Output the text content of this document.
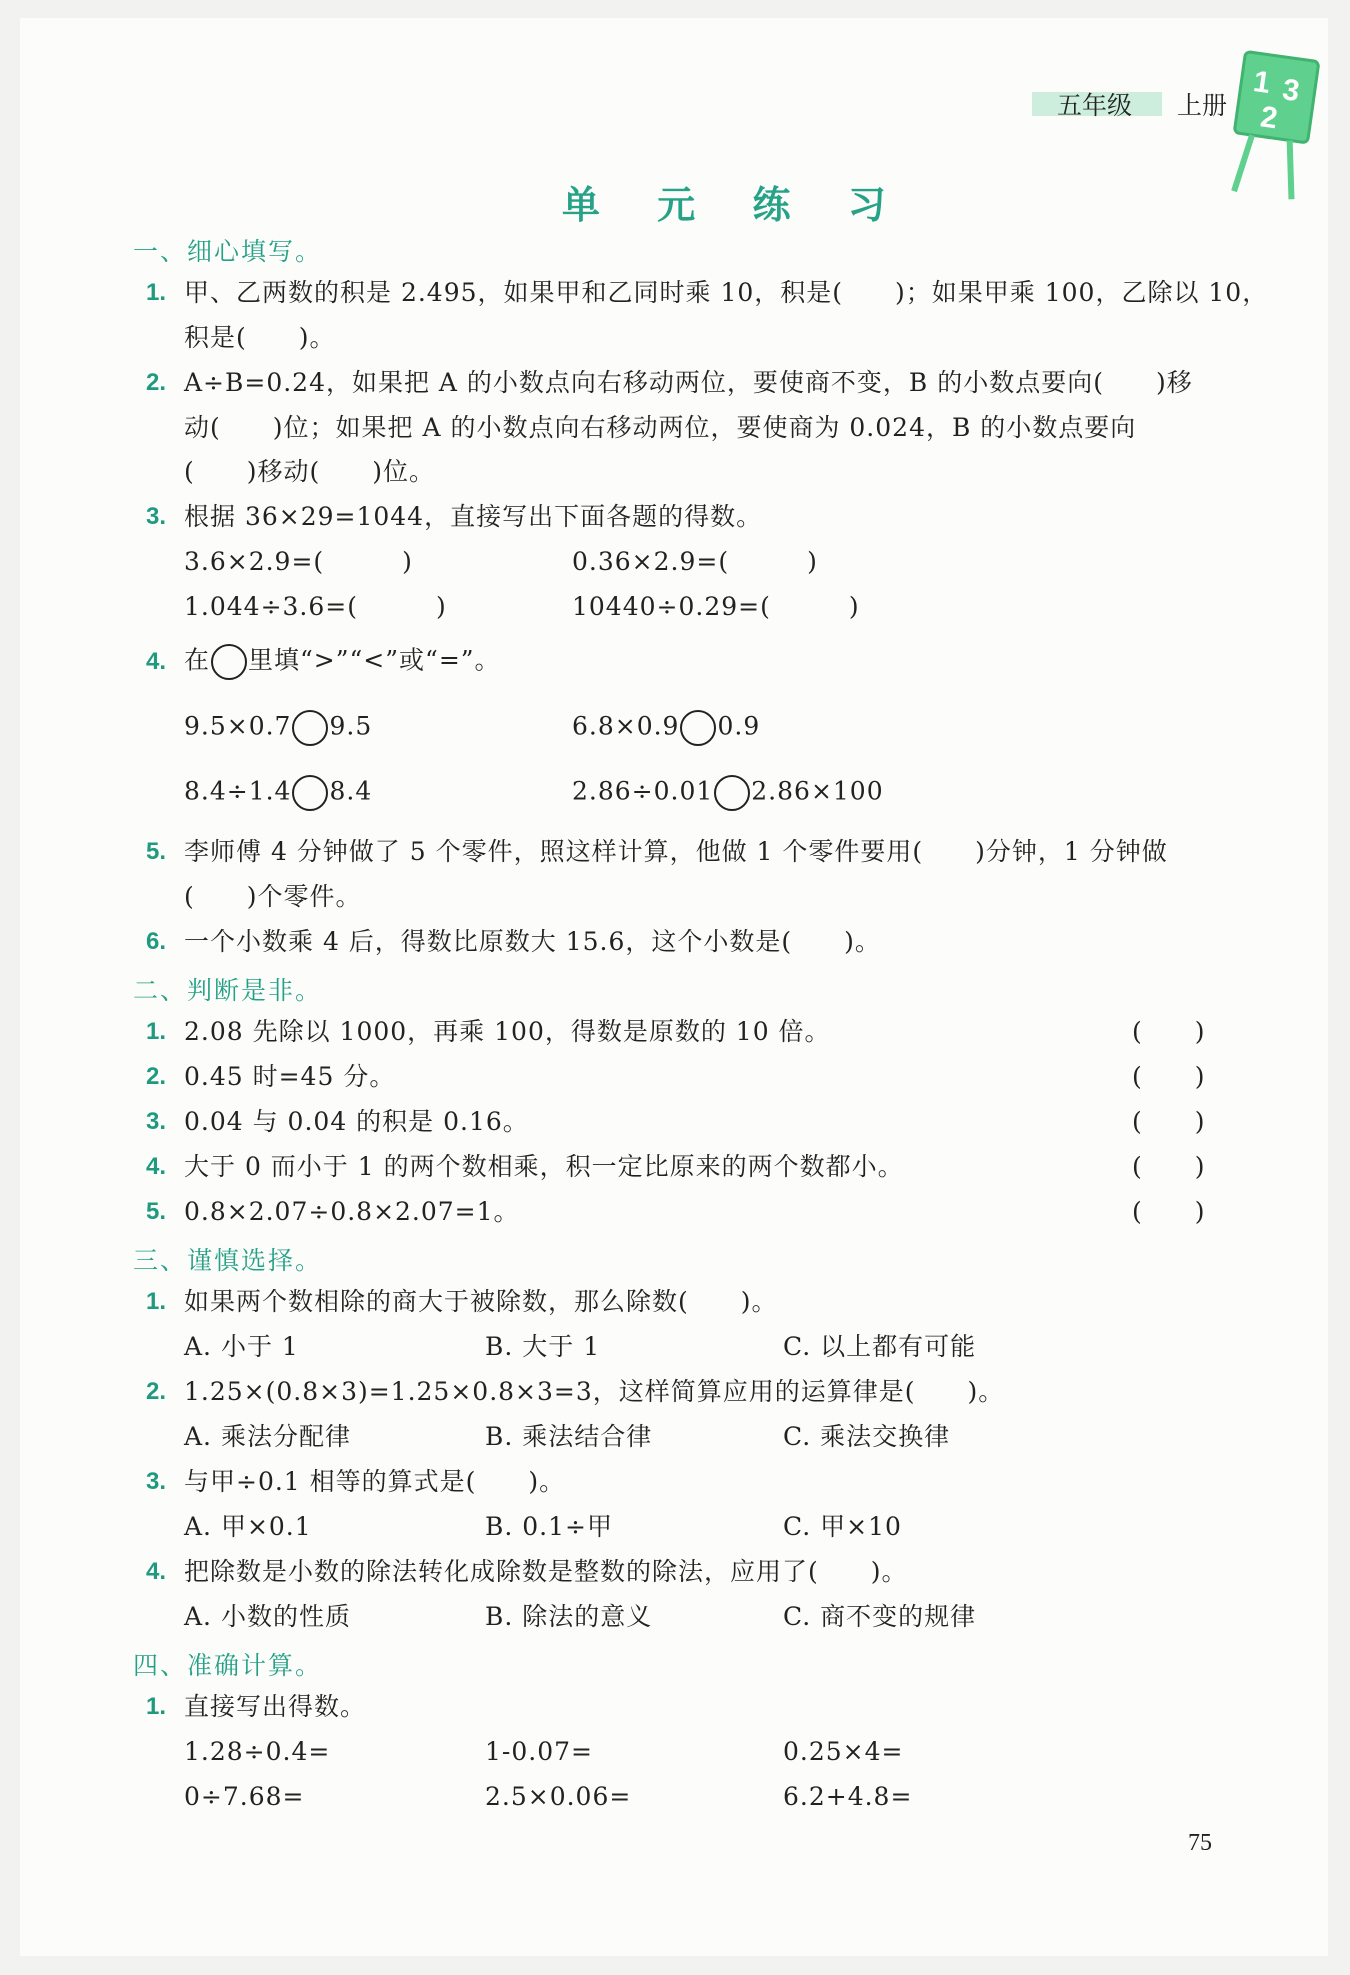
五年级 上册
1 3
2
单 元 练 习
一、细心填写。
1. 甲、乙两数的积是 2.495，如果甲和乙同时乘 10，积是(　　)；如果甲乘 100，乙除以 10，
积是(　　)。
2. A÷B=0.24，如果把 A 的小数点向右移动两位，要使商不变，B 的小数点要向(　　)移
动(　　)位；如果把 A 的小数点向右移动两位，要使商为 0.024，B 的小数点要向
(　　)移动(　　)位。
3. 根据 36×29=1044，直接写出下面各题的得数。
3.6×2.9=(　　　)	0.36×2.9=(　　　)
1.044÷3.6=(　　　)	10440÷0.29=(　　　)
4. 在 里填“>”“<”或“=”。
9.5×0.7 9.5	6.8×0.9 0.9
8.4÷1.4 8.4	2.86÷0.01 2.86×100
5. 李师傅 4 分钟做了 5 个零件，照这样计算，他做 1 个零件要用(　　)分钟，1 分钟做
(　　)个零件。
6. 一个小数乘 4 后，得数比原数大 15.6，这个小数是(　　)。
二、判断是非。
1. 2.08 先除以 1000，再乘 100，得数是原数的 10 倍。	(　　)
2. 0.45 时=45 分。	(　　)
3. 0.04 与 0.04 的积是 0.16。	(　　)
4. 大于 0 而小于 1 的两个数相乘，积一定比原来的两个数都小。	(　　)
5. 0.8×2.07÷0.8×2.07=1。	(　　)
三、谨慎选择。
1. 如果两个数相除的商大于被除数，那么除数(　　)。
A. 小于 1	B. 大于 1	C. 以上都有可能
2. 1.25×(0.8×3)=1.25×0.8×3=3，这样简算应用的运算律是(　　)。
A. 乘法分配律	B. 乘法结合律	C. 乘法交换律
3. 与甲÷0.1 相等的算式是(　　)。
A. 甲×0.1	B. 0.1÷甲	C. 甲×10
4. 把除数是小数的除法转化成除数是整数的除法，应用了(　　)。
A. 小数的性质	B. 除法的意义	C. 商不变的规律
四、准确计算。
1. 直接写出得数。
1.28÷0.4=	1-0.07=	0.25×4=
0÷7.68=	2.5×0.06=	6.2+4.8=
75
